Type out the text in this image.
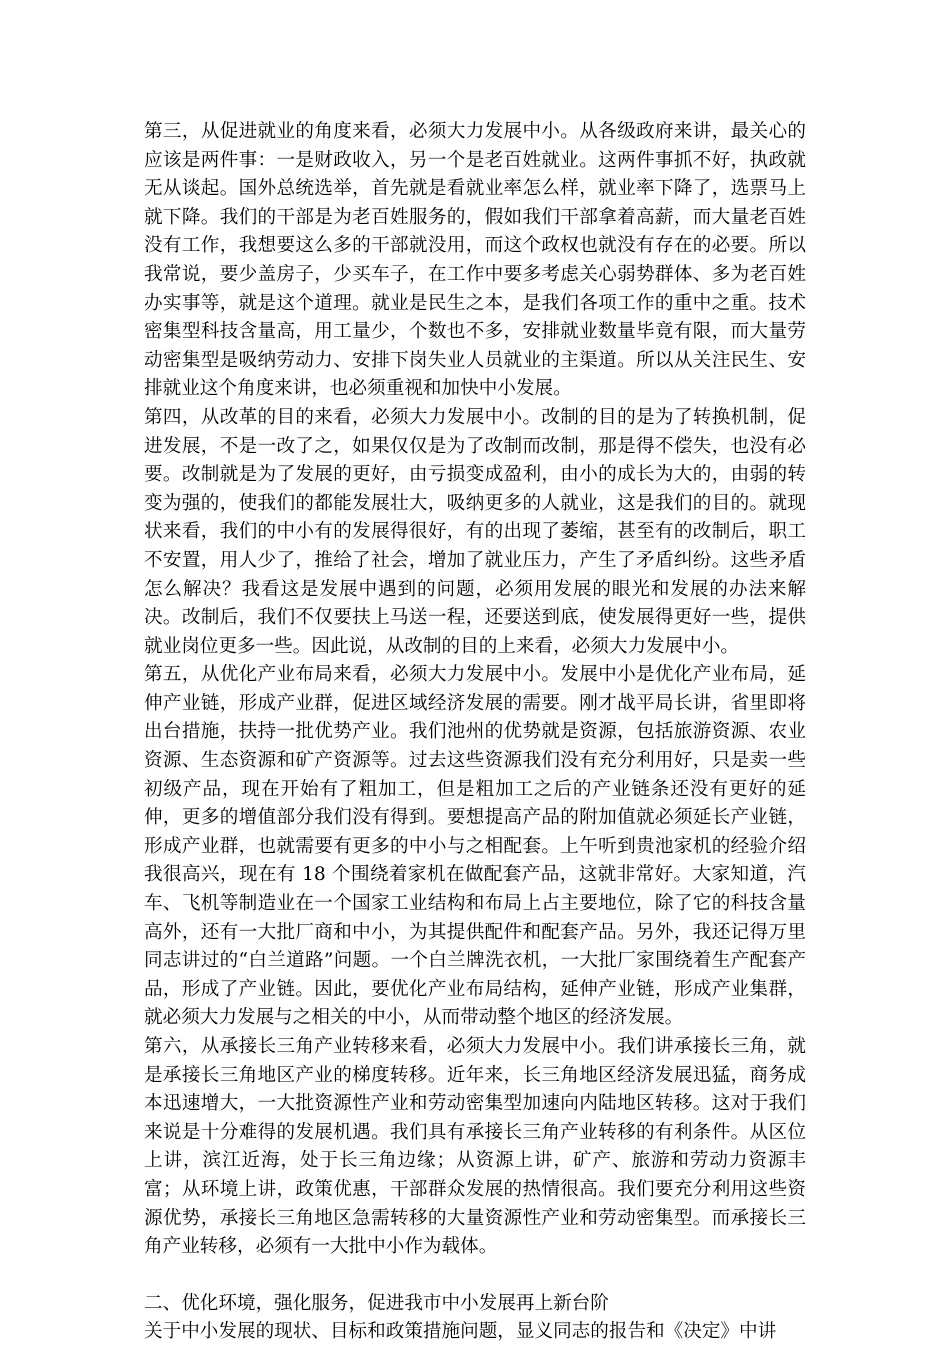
第三，从促进就业的角度来看，必须大力发展中小。从各级政府来讲，最关心的应该是两件事：一是财政收入，另一个是老百姓就业。这两件事抓不好，执政就无从谈起。国外总统选举，首先就是看就业率怎么样，就业率下降了，选票马上就下降。我们的干部是为老百姓服务的，假如我们干部拿着高薪，而大量老百姓没有工作，我想要这么多的干部就没用，而这个政权也就没有存在的必要。所以我常说，要少盖房子，少买车子，在工作中要多考虑关心弱势群体、多为老百姓办实事等，就是这个道理。就业是民生之本，是我们各项工作的重中之重。技术密集型科技含量高，用工量少，个数也不多，安排就业数量毕竟有限，而大量劳动密集型是吸纳劳动力、安排下岗失业人员就业的主渠道。所以从关注民生、安排就业这个角度来讲，也必须重视和加快中小发展。

第四，从改革的目的来看，必须大力发展中小。改制的目的是为了转换机制，促进发展，不是一改了之，如果仅仅是为了改制而改制，那是得不偿失，也没有必要。改制就是为了发展的更好，由亏损变成盈利，由小的成长为大的，由弱的转变为强的，使我们的都能发展壮大，吸纳更多的人就业，这是我们的目的。就现状来看，我们的中小有的发展得很好，有的出现了萎缩，甚至有的改制后，职工不安置，用人少了，推给了社会，增加了就业压力，产生了矛盾纠纷。这些矛盾怎么解决？我看这是发展中遇到的问题，必须用发展的眼光和发展的办法来解决。改制后，我们不仅要扶上马送一程，还要送到底，使发展得更好一些，提供就业岗位更多一些。因此说，从改制的目的上来看，必须大力发展中小。

第五，从优化产业布局来看，必须大力发展中小。发展中小是优化产业布局，延伸产业链，形成产业群，促进区域经济发展的需要。刚才战平局长讲，省里即将出台措施，扶持一批优势产业。我们池州的优势就是资源，包括旅游资源、农业资源、生态资源和矿产资源等。过去这些资源我们没有充分利用好，只是卖一些初级产品，现在开始有了粗加工，但是粗加工之后的产业链条还没有更好的延伸，更多的增值部分我们没有得到。要想提高产品的附加值就必须延长产业链，形成产业群，也就需要有更多的中小与之相配套。上午听到贵池家机的经验介绍我很高兴，现在有 18 个围绕着家机在做配套产品，这就非常好。大家知道，汽车、飞机等制造业在一个国家工业结构和布局上占主要地位，除了它的科技含量高外，还有一大批厂商和中小，为其提供配件和配套产品。另外，我还记得万里同志讲过的“白兰道路”问题。一个白兰牌洗衣机，一大批厂家围绕着生产配套产品，形成了产业链。因此，要优化产业布局结构，延伸产业链，形成产业集群，就必须大力发展与之相关的中小，从而带动整个地区的经济发展。

第六，从承接长三角产业转移来看，必须大力发展中小。我们讲承接长三角，就是承接长三角地区产业的梯度转移。近年来，长三角地区经济发展迅猛，商务成本迅速增大，一大批资源性产业和劳动密集型加速向内陆地区转移。这对于我们来说是十分难得的发展机遇。我们具有承接长三角产业转移的有利条件。从区位上讲，滨江近海，处于长三角边缘；从资源上讲，矿产、旅游和劳动力资源丰富；从环境上讲，政策优惠，干部群众发展的热情很高。我们要充分利用这些资源优势，承接长三角地区急需转移的大量资源性产业和劳动密集型。而承接长三角产业转移，必须有一大批中小作为载体。

二、优化环境，强化服务，促进我市中小发展再上新台阶

关于中小发展的现状、目标和政策措施问题，显义同志的报告和《决定》中讲
